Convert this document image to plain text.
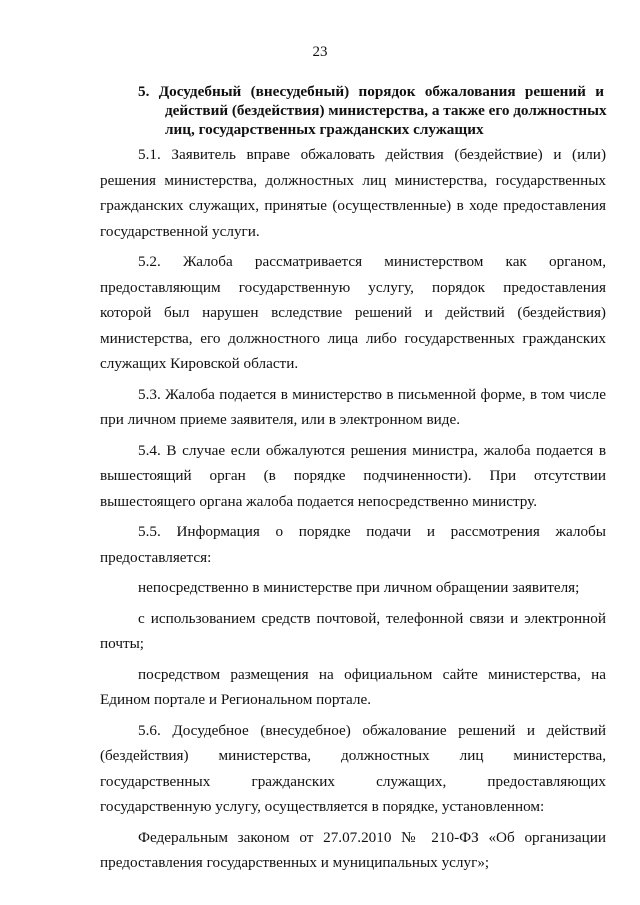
23
5. Досудебный (внесудебный) порядок обжалования решений и
действий (бездействия) министерства, а также его должностных
лиц, государственных гражданских служащих

5.1. Заявитель вправе обжаловать действия (бездействие) и (или)
решения министерства, должностных лиц министерства, государственных
гражданских служащих, принятые (осуществленные) в ходе предоставления
государственной услуги.

5.2. Жалоба рассматривается министерством как органом,
предоставляющим государственную услугу, порядок предоставления
которой был нарушен вследствие решений и действий (бездействия)
министерства, его должностного лица либо государственных гражданских
служащих Кировской области.

5.3. Жалоба подается в министерство в письменной форме, в том числе
при личном приеме заявителя, или в электронном виде.

5.4. В случае если обжалуются решения министра, жалоба подается в
вышестоящий орган (в порядке подчиненности). При отсутствии
вышестоящего органа жалоба подается непосредственно министру.

5.5. Информация о порядке подачи и рассмотрения жалобы
предоставляется:

непосредственно в министерстве при личном обращении заявителя;

с использованием средств почтовой, телефонной связи и электронной
почты;

посредством размещения на официальном сайте министерства, на
Едином портале и Региональном портале.

5.6. Досудебное (внесудебное) обжалование решений и действий
(бездействия) министерства, должностных лиц министерства,
государственных гражданских служащих, предоставляющих
государственную услугу, осуществляется в порядке, установленном:

Федеральным законом от 27.07.2010 № 210-ФЗ «Об организации
предоставления государственных и муниципальных услуг»;
